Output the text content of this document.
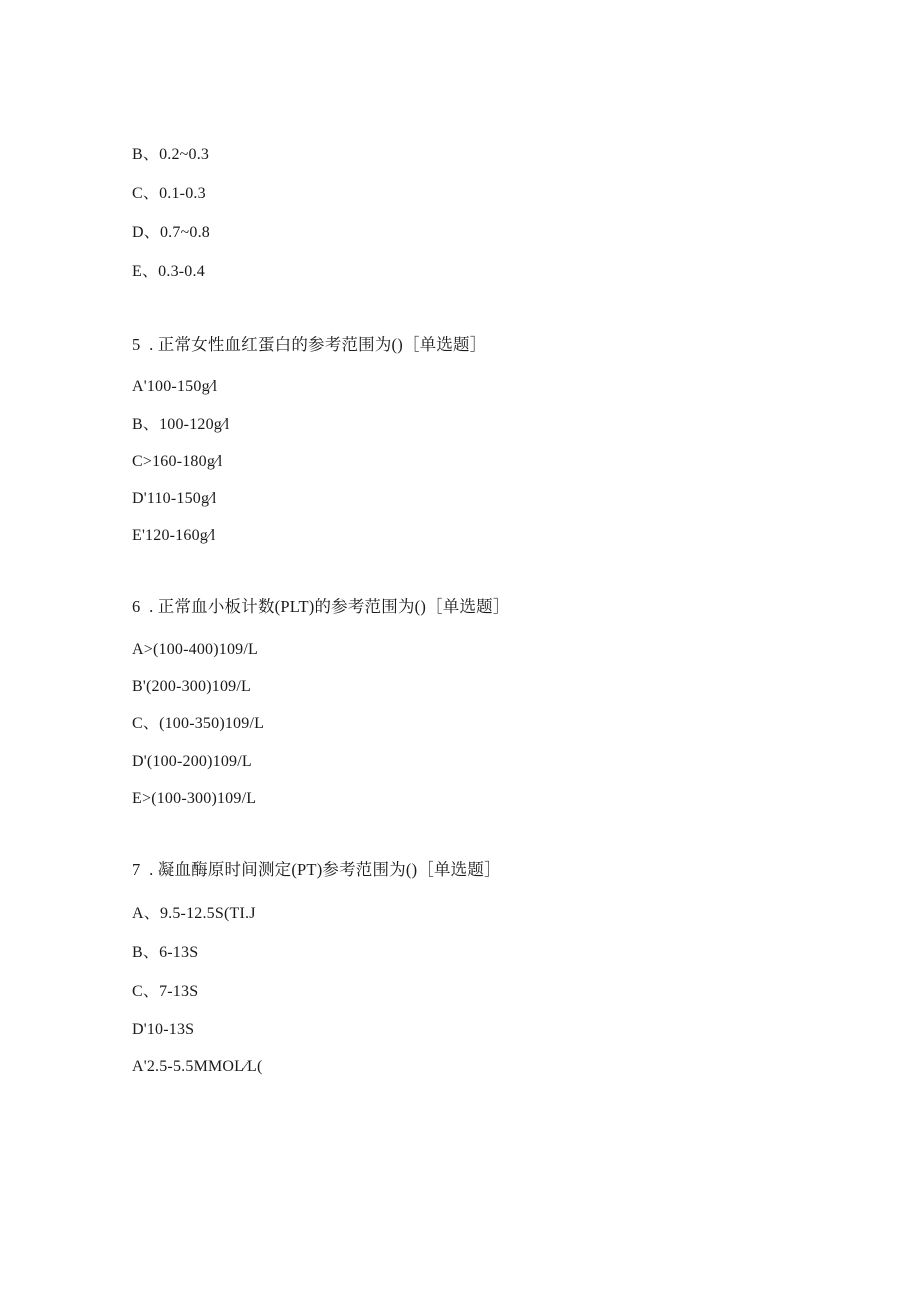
B、0.2~0.3
C、0.1-0.3
D、0.7~0.8
E、0.3-0.4
5  . 正常女性血红蛋白的参考范围为()［单选题］
A'100-150g⁄l
B、100-120g⁄l
C>160-180g⁄l
D'110-150g⁄l
E'120-160g⁄l
6  . 正常血小板计数(PLT)的参考范围为()［单选题］
A>(100-400)109/L
B'(200-300)109/L
C、(100-350)109/L
D'(100-200)109/L
E>(100-300)109/L
7  . 凝血酶原时间测定(PT)参考范围为()［单选题］
A、9.5-12.5S(TI.J
B、6-13S
C、7-13S
D'10-13S
A'2.5-5.5MMOL⁄L(
